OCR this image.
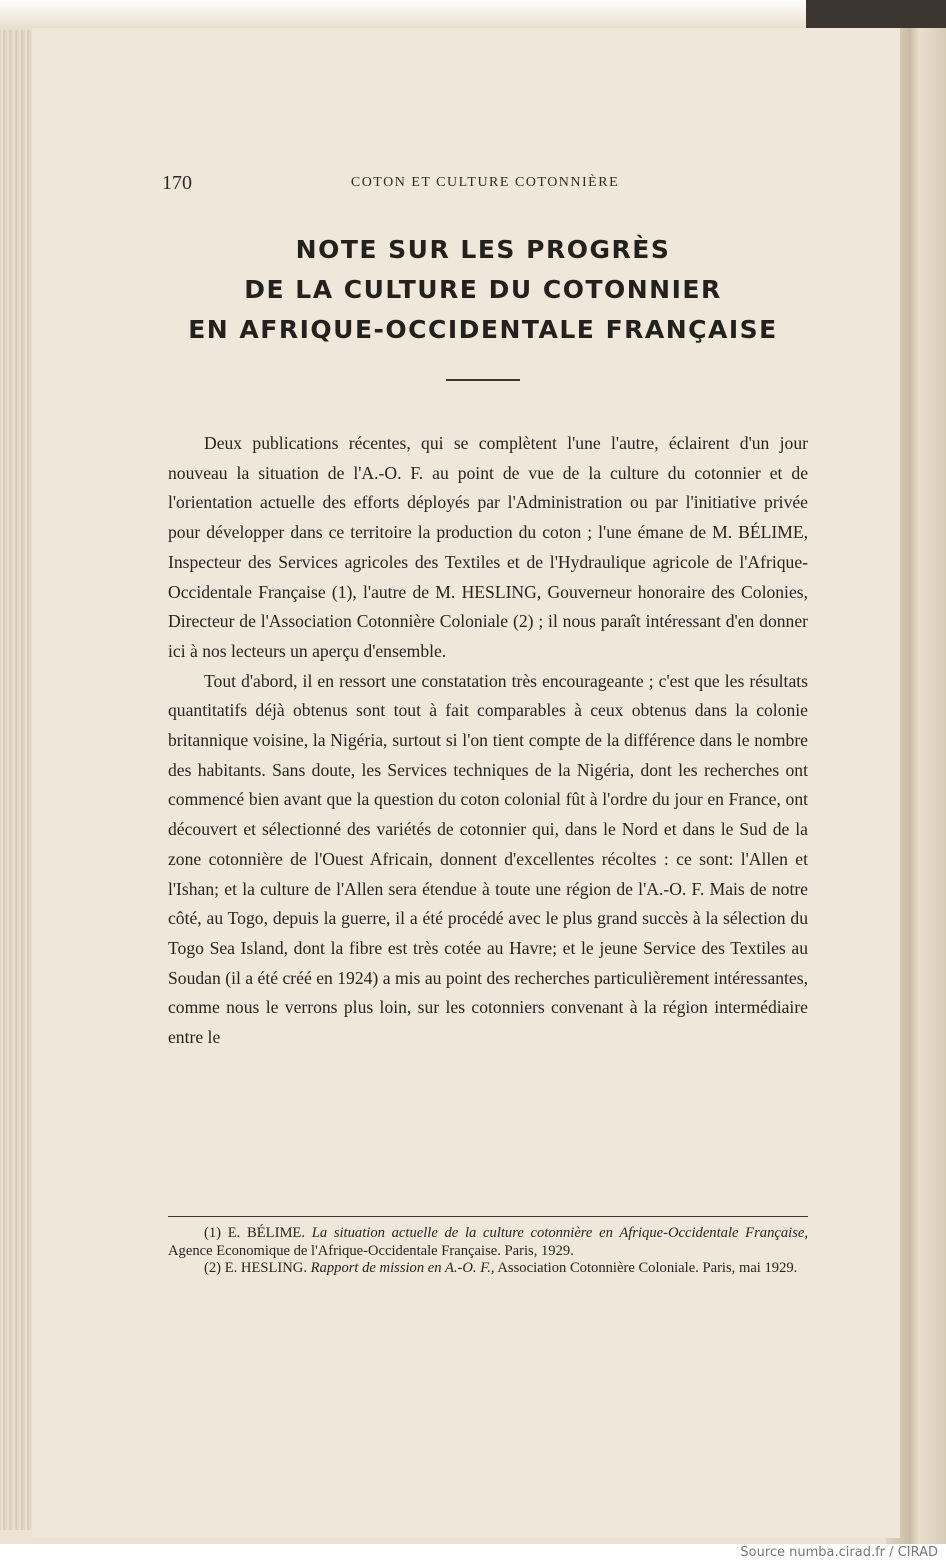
170	COTON ET CULTURE COTONNIÈRE
NOTE SUR LES PROGRÈS
DE LA CULTURE DU COTONNIER
EN AFRIQUE-OCCIDENTALE FRANÇAISE

Deux publications récentes, qui se complètent l'une l'autre, éclairent d'un jour nouveau la situation de l'A.-O. F. au point de vue de la culture du cotonnier et de l'orientation actuelle des efforts déployés par l'Administration ou par l'initiative privée pour développer dans ce territoire la production du coton ; l'une émane de M. BÉLIME, Inspecteur des Services agricoles des Textiles et de l'Hydraulique agricole de l'Afrique-Occidentale Française (1), l'autre de M. HESLING, Gouverneur honoraire des Colonies, Directeur de l'Association Cotonnière Coloniale (2) ; il nous paraît intéressant d'en donner ici à nos lecteurs un aperçu d'ensemble.

Tout d'abord, il en ressort une constatation très encourageante ; c'est que les résultats quantitatifs déjà obtenus sont tout à fait comparables à ceux obtenus dans la colonie britannique voisine, la Nigéria, surtout si l'on tient compte de la différence dans le nombre des habitants. Sans doute, les Services techniques de la Nigéria, dont les recherches ont commencé bien avant que la question du coton colonial fût à l'ordre du jour en France, ont découvert et sélectionné des variétés de cotonnier qui, dans le Nord et dans le Sud de la zone cotonnière de l'Ouest Africain, donnent d'excellentes récoltes : ce sont: l'Allen et l'Ishan; et la culture de l'Allen sera étendue à toute une région de l'A.-O. F. Mais de notre côté, au Togo, depuis la guerre, il a été procédé avec le plus grand succès à la sélection du Togo Sea Island, dont la fibre est très cotée au Havre; et le jeune Service des Textiles au Soudan (il a été créé en 1924) a mis au point des recherches particulièrement intéressantes, comme nous le verrons plus loin, sur les cotonniers convenant à la région intermédiaire entre le

(1) E. BÉLIME. La situation actuelle de la culture cotonnière en Afrique-Occidentale Française, Agence Economique de l'Afrique-Occidentale Française. Paris, 1929.

(2) E. HESLING. Rapport de mission en A.-O. F., Association Cotonnière Coloniale. Paris, mai 1929.

Source numba.cirad.fr / CIRAD
